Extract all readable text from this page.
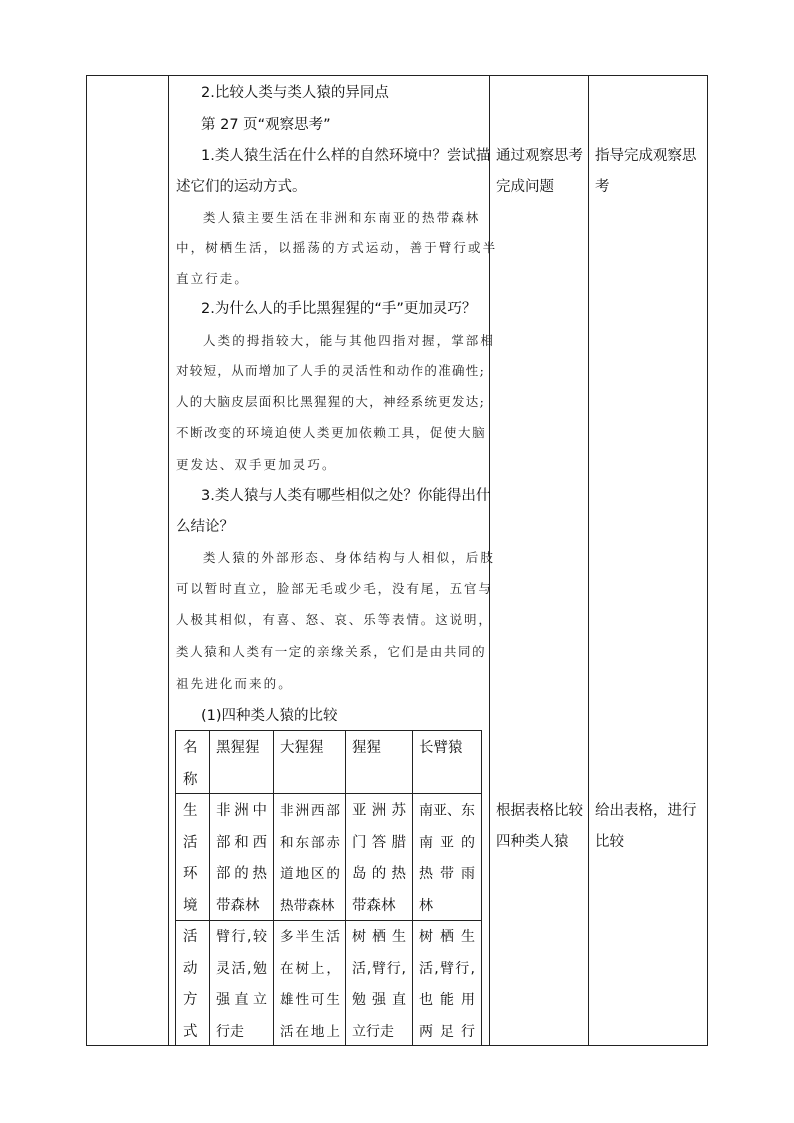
2.比较人类与类人猿的异同点
第 27 页“观察思考”
1.类人猿生活在什么样的自然环境中？尝试描
述它们的运动方式。
类人猿主要生活在非洲和东南亚的热带森林
中，树栖生活，以摇荡的方式运动，善于臂行或半
直立行走。
2.为什么人的手比黑猩猩的“手”更加灵巧？
人类的拇指较大，能与其他四指对握，掌部相
对较短，从而增加了人手的灵活性和动作的准确性;
人的大脑皮层面积比黑猩猩的大，神经系统更发达;
不断改变的环境迫使人类更加依赖工具，促使大脑
更发达、双手更加灵巧。
3.类人猿与人类有哪些相似之处？你能得出什
么结论？
类人猿的外部形态、身体结构与人相似，后肢
可以暂时直立，脸部无毛或少毛，没有尾，五官与
人极其相似，有喜、怒、哀、乐等表情。这说明，
类人猿和人类有一定的亲缘关系，它们是由共同的
祖先进化而来的。
(1)四种类人猿的比较
名
称
黑猩猩 大猩猩 猩猩	长臂猿
生
活
环
境
非洲中
部和西
部的热
带森林
非洲西部
和东部赤
道地区的
热带森林
亚洲苏
门答腊
岛的热
带森林
南亚、东
南亚的
热带雨
林
活
动
方
式
臂行,较
灵活,勉
强直立
行走
多半生活
在树上，
雄性可生
活在地上
树栖生
活,臂行,
勉强直
立行走
树栖生
活,臂行,
也能用
两足行
通过观察思考
完成问题
根据表格比较
四种类人猿
指导完成观察思
考
给出表格，进行
比较
